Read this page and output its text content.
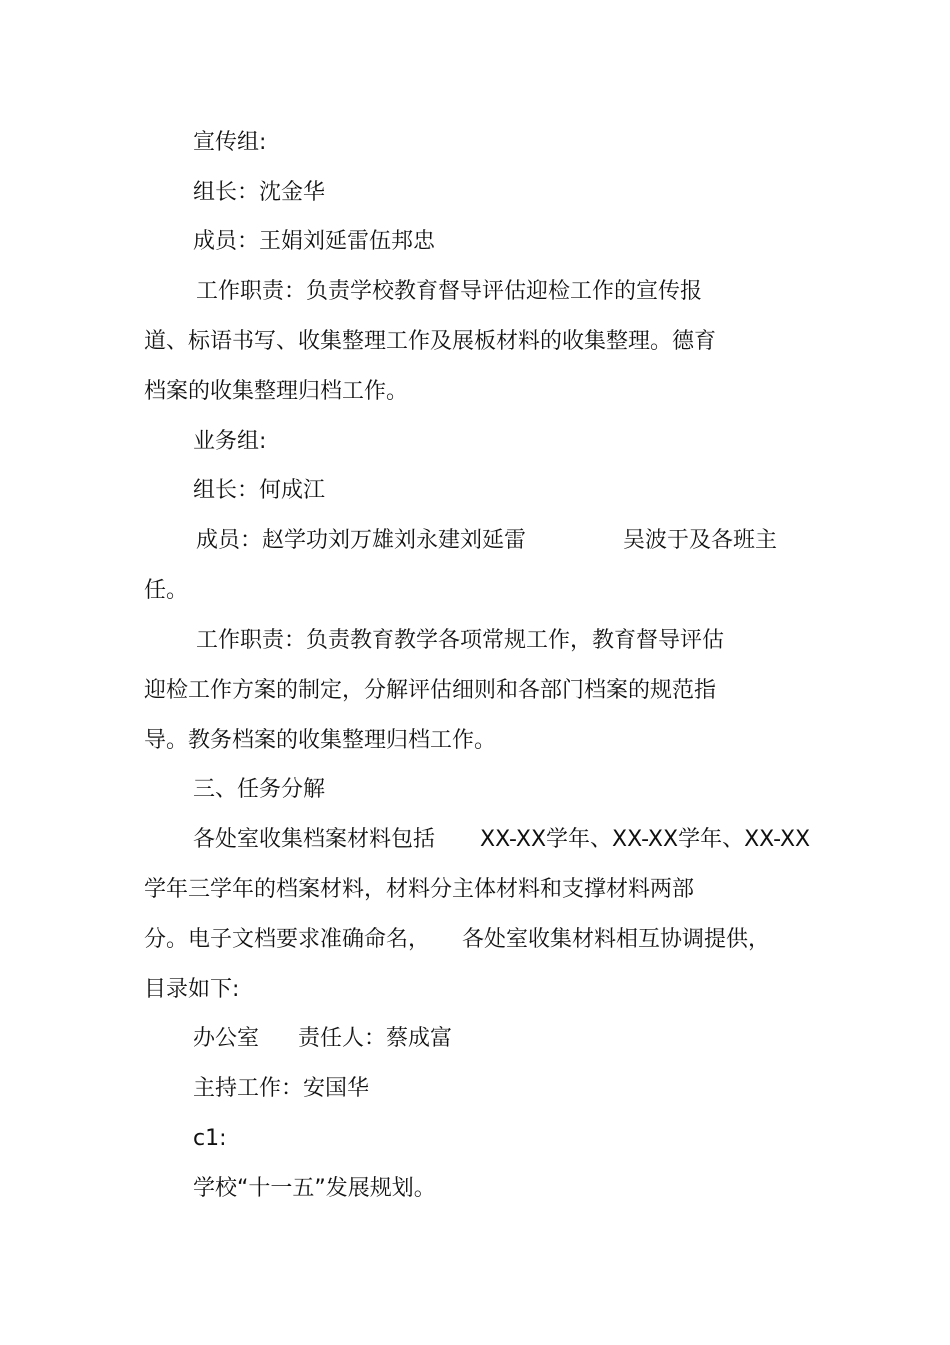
宣传组:
组长：沈金华
成员：王娟刘延雷伍邦忠
工作职责：负责学校教育督导评估迎检工作的宣传报
道、标语书写、收集整理工作及展板材料的收集整理。德育
档案的收集整理归档工作。
业务组:
组长：何成江
成员：赵学功刘万雄刘永建刘延雷	吴波于及各班主
任。
工作职责：负责教育教学各项常规工作，教育督导评估
迎检工作方案的制定，分解评估细则和各部门档案的规范指
导。教务档案的收集整理归档工作。
三、任务分解
各处室收集档案材料包括 XX-XX学年、XX-XX学年、XX-XX
学年三学年的档案材料，材料分主体材料和支撑材料两部
分。电子文档要求准确命名， 各处室收集材料相互协调提供，
目录如下:
办公室 责任人：蔡成富
主持工作：安国华
c1:
学校“十一五”发展规划。
